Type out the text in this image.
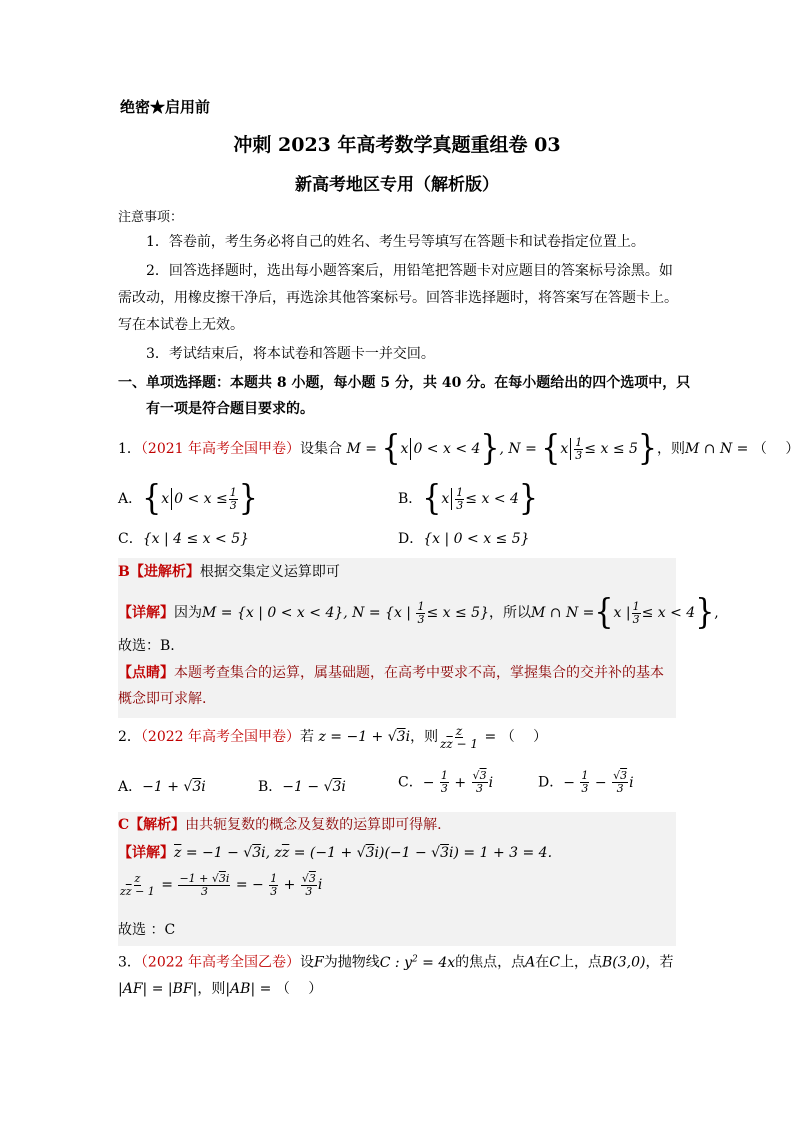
绝密★启用前
冲刺 2023 年高考数学真题重组卷 03
新高考地区专用（解析版）
注意事项：
1．答卷前，考生务必将自己的姓名、考生号等填写在答题卡和试卷指定位置上。
2．回答选择题时，选出每小题答案后，用铅笔把答题卡对应题目的答案标号涂黑。如需改动，用橡皮擦干净后，再选涂其他答案标号。回答非选择题时，将答案写在答题卡上。写在本试卷上无效。
3．考试结束后，将本试卷和答题卡一并交回。
一、单项选择题：本题共 8 小题，每小题 5 分，共 40 分。在每小题给出的四个选项中，只
有一项是符合题目要求的。
1．（2021 年高考全国甲卷）设集合 M = { x 0 < x < 4 } , N = { x $\frac{1}{3} \le x \le 5$ } ，则M ∩ N = （　 ）
A． { x $0 < x \le \frac{1}{3}$ }	B． { x $\frac{1}{3} \le x < 4$ }
C．{x | 4 ≤ x < 5}	D．{x | 0 < x ≤ 5}
B【进解析】根据交集定义运算即可
【详解】因为M = {x | 0 < x < 4}, N = {x | $\frac{1}{3} \le x \le 5$}，所以M ∩ N = { x | $\frac{1}{3} \le x < 4$ } ,
故选：B.
【点睛】本题考查集合的运算，属基础题，在高考中要求不高，掌握集合的交并补的基本概念即可求解.
2．（2022 年高考全国甲卷）若 z = −1 + √3i，则 $\frac{z}{z\overline{z} - 1}$ = （　 ）
A．−1 + √3i	B．−1 − √3i	C．− $\frac{1}{3} + \frac{√3}{3}$ i	D．− $\frac{1}{3} - \frac{√3}{3}$ i
C【解析】由共轭复数的概念及复数的运算即可得解.
【详解】$\overline{z} = -1 - √3i$, $z\overline{z} = (-1 + √3i)(-1 - √3i) = 1 + 3 = 4$.
$\frac{z}{z\overline{z} - 1} = \frac{-1 + √3i}{3}$ = − $\frac{1}{3} + \frac{√3}{3}$ i
故选 ：C
3．（2022 年高考全国乙卷）设F为抛物线C : $y^2 = 4x$的焦点，点A在C上，点B(3,0)，若
|AF| = |BF|，则|AB| = （　 ）
